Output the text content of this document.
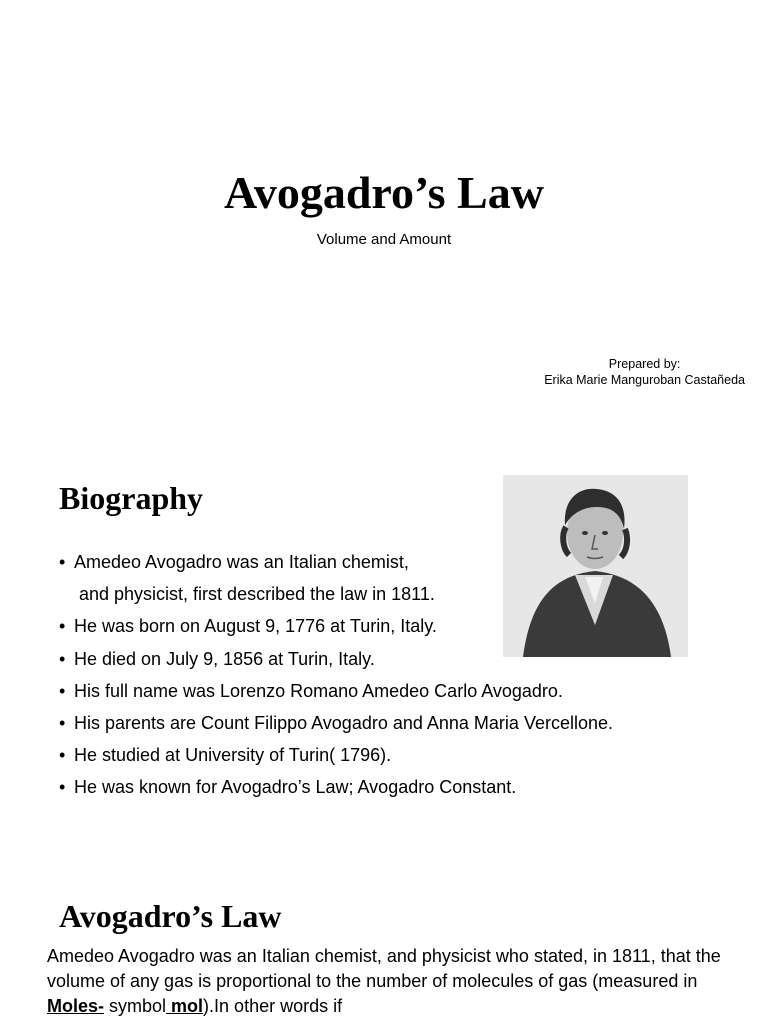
Avogadro’s Law
Volume and Amount
Prepared by:
Erika Marie Manguroban Castañeda
Biography
• Amedeo Avogadro was an Italian chemist,
and physicist, first described the law in 1811.
• He was born on August 9, 1776 at Turin, Italy.
• He died on July 9, 1856 at Turin, Italy.
• His full name was Lorenzo Romano Amedeo Carlo Avogadro.
• His parents are Count Filippo Avogadro and Anna Maria Vercellone.
• He studied at University of Turin( 1796).
• He was known for Avogadro’s Law; Avogadro Constant.
Avogadro’s Law

Amedeo Avogadro was an Italian chemist, and physicist who stated, in 1811, that the volume of any gas is proportional to the number of molecules of gas (measured in Moles- symbol mol).In other words if
